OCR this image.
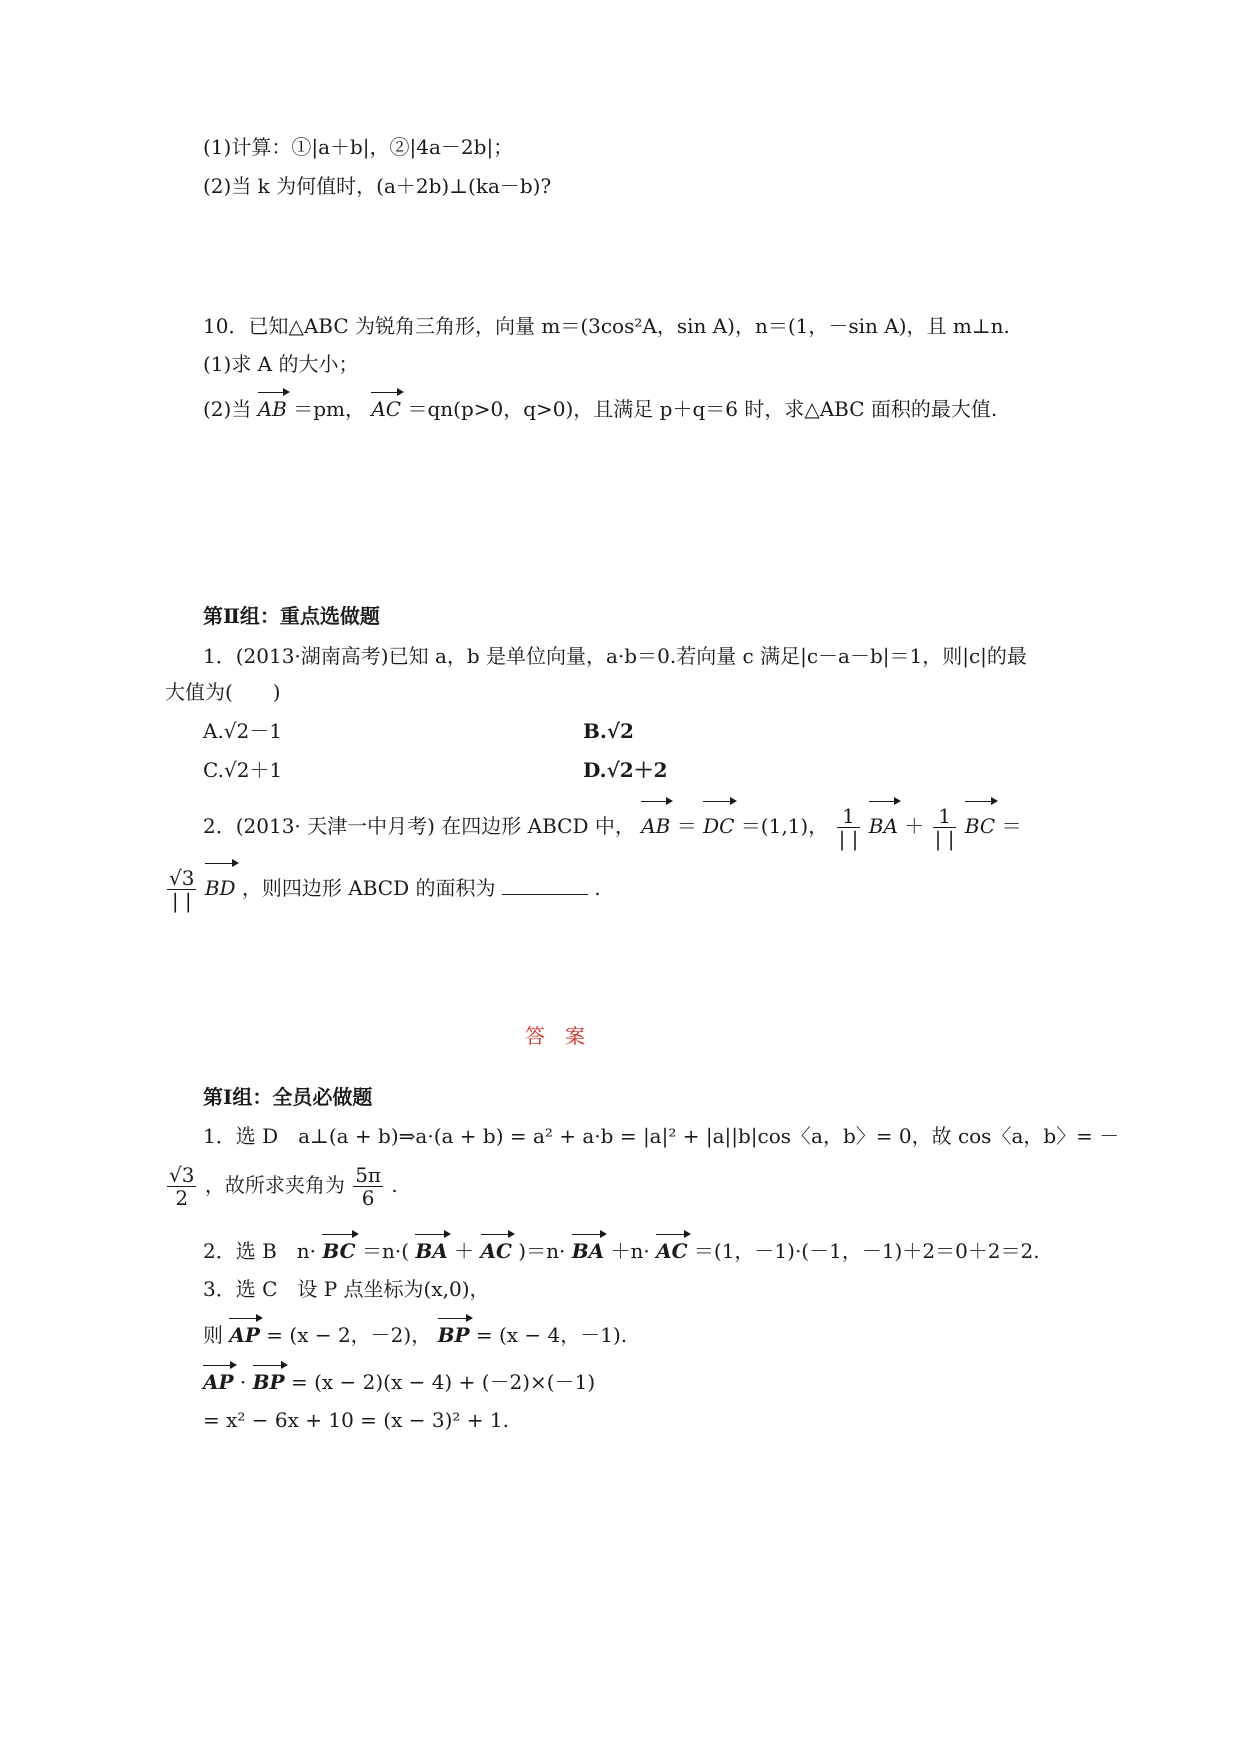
(1)计算：①|a＋b|，②|4a－2b|；
(2)当 k 为何值时，(a＋2b)⊥(ka－b)?
10．已知△ABC 为锐角三角形，向量 m＝(3cos²A，sin A)，n＝(1，－sin A)，且 m⊥n.
(1)求 A 的大小；
(2)当 AB ＝pm， AC ＝qn(p>0，q>0)，且满足 p＋q＝6 时，求△ABC 面积的最大值.
第Ⅱ组：重点选做题
1．(2013·湖南高考)已知 a，b 是单位向量，a·b＝0.若向量 c 满足|c－a－b|＝1，则|c|的最
大值为(　　)
A.√2－1	B.√2
C.√2＋1	D.√2＋2
2．(2013· 天津一中月考) 在四边形 ABCD 中， AB ＝ DC ＝(1,1)， $\frac{1}{| |}$ BA ＋ $\frac{1}{| |}$ BC ＝
$\frac{√3}{| |}$ BD ，则四边形 ABCD 的面积为	.
答　案
第Ⅰ组：全员必做题
1．选 D　a⊥(a + b)⇒a·(a + b) = a² + a·b = |a|² + |a||b|cos〈a，b〉= 0，故 cos〈a，b〉= －
$\frac{√3}{2}$ ，故所求夹角为 $\frac{5\pi}{6}$ .
2．选 B　n· BC ＝n·( BA ＋ AC )＝n· BA ＋n· AC ＝(1，－1)·(－1，－1)＋2＝0＋2＝2.
3．选 C　设 P 点坐标为(x,0)，
则 AP = (x − 2，－2)， BP = (x − 4，－1).
AP · BP = (x − 2)(x − 4) + (－2)×(－1)
= x² − 6x + 10 = (x − 3)² + 1.
